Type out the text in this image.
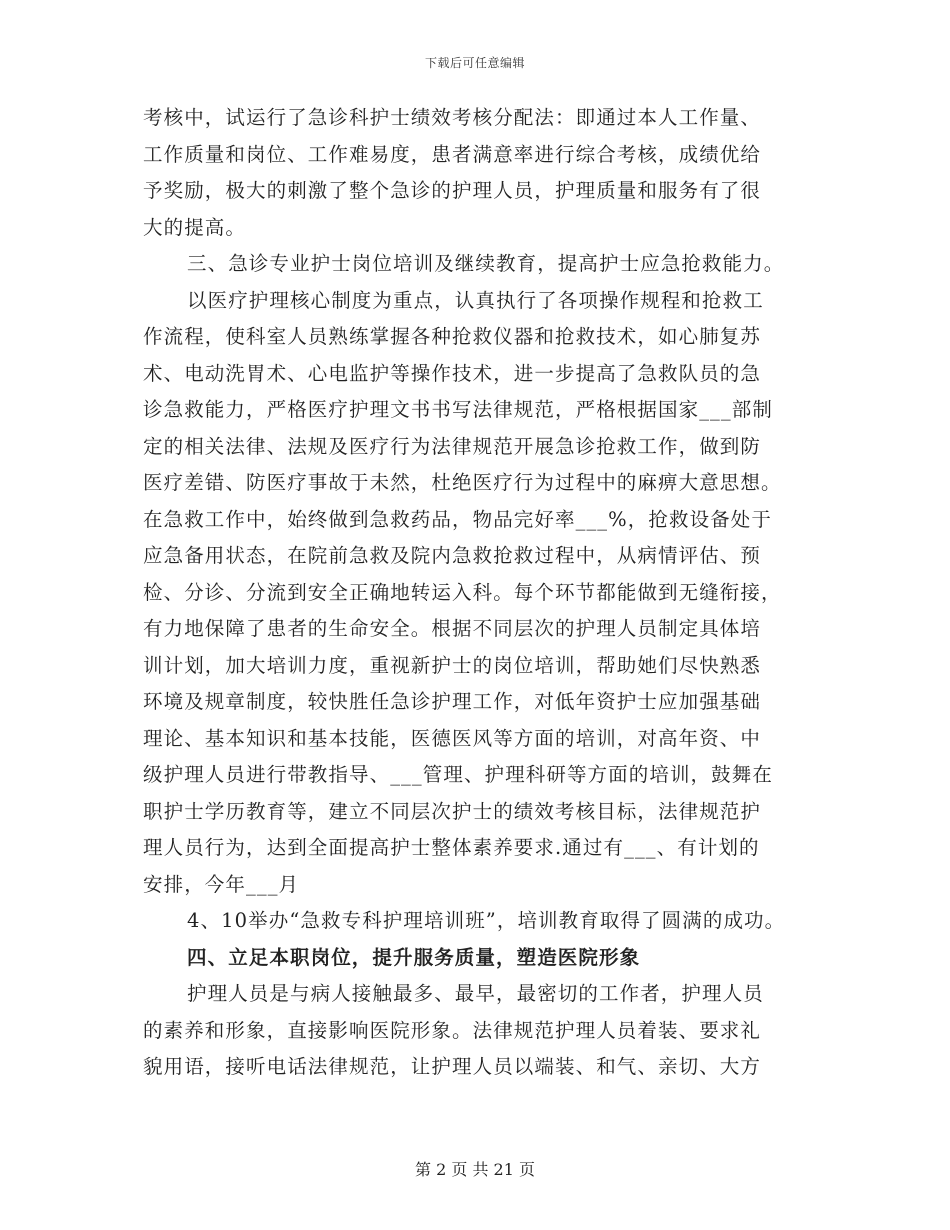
下载后可任意编辑
考核中，试运行了急诊科护士绩效考核分配法：即通过本人工作量、
工作质量和岗位、工作难易度，患者满意率进行综合考核，成绩优给
予奖励，极大的刺激了整个急诊的护理人员，护理质量和服务有了很
大的提高。
三、急诊专业护士岗位培训及继续教育，提高护士应急抢救能力。
以医疗护理核心制度为重点，认真执行了各项操作规程和抢救工
作流程，使科室人员熟练掌握各种抢救仪器和抢救技术，如心肺复苏
术、电动洗胃术、心电监护等操作技术，进一步提高了急救队员的急
诊急救能力，严格医疗护理文书书写法律规范，严格根据国家___部制
定的相关法律、法规及医疗行为法律规范开展急诊抢救工作，做到防
医疗差错、防医疗事故于未然，杜绝医疗行为过程中的麻痹大意思想。
在急救工作中，始终做到急救药品，物品完好率___%，抢救设备处于
应急备用状态，在院前急救及院内急救抢救过程中，从病情评估、预
检、分诊、分流到安全正确地转运入科。每个环节都能做到无缝衔接，
有力地保障了患者的生命安全。根据不同层次的护理人员制定具体培
训计划，加大培训力度，重视新护士的岗位培训，帮助她们尽快熟悉
环境及规章制度，较快胜任急诊护理工作，对低年资护士应加强基础
理论、基本知识和基本技能，医德医风等方面的培训，对高年资、中
级护理人员进行带教指导、___管理、护理科研等方面的培训，鼓舞在
职护士学历教育等，建立不同层次护士的绩效考核目标，法律规范护
理人员行为，达到全面提高护士整体素养要求.通过有___、有计划的
安排，今年___月
4、10举办“急救专科护理培训班”，培训教育取得了圆满的成功。
四、立足本职岗位，提升服务质量，塑造医院形象
护理人员是与病人接触最多、最早，最密切的工作者，护理人员
的素养和形象，直接影响医院形象。法律规范护理人员着装、要求礼
貌用语，接听电话法律规范，让护理人员以端装、和气、亲切、大方
第 2 页 共 21 页
